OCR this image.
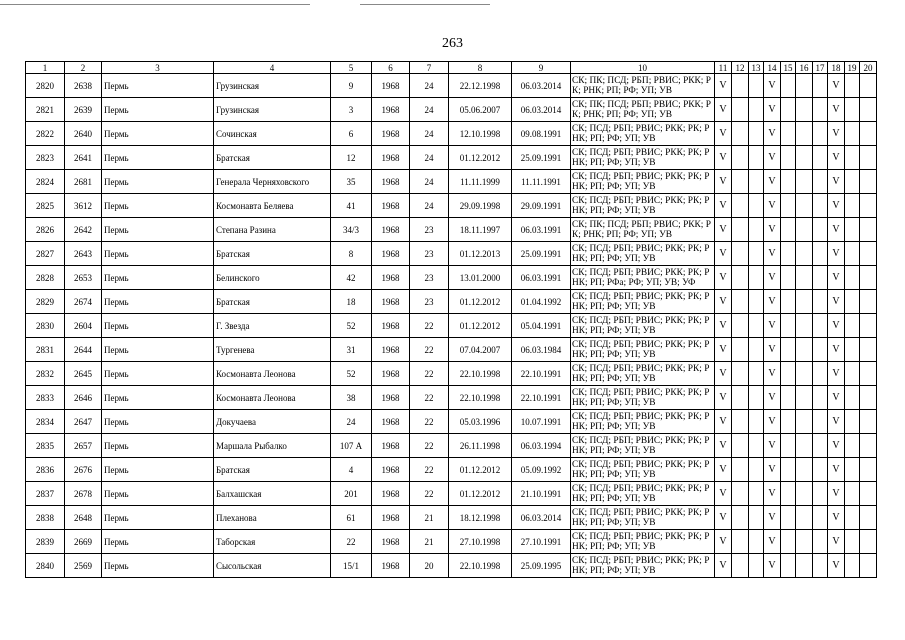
263
1	2	3	4	5	6	7	8	9	10	11	12	13	14	15	16	17	18	19	20
2820	2638	Пермь	Грузинская	9	1968	24	22.12.1998	06.03.2014	СК; ПК; ПСД; РБП; РВИС; РКК; РК; РНК; РП; РФ; УП; УВ	V			V				V		
2821	2639	Пермь	Грузинская	3	1968	24	05.06.2007	06.03.2014	СК; ПК; ПСД; РБП; РВИС; РКК; РК; РНК; РП; РФ; УП; УВ	V			V				V		
2822	2640	Пермь	Сочинская	6	1968	24	12.10.1998	09.08.1991	СК; ПСД; РБП; РВИС; РКК; РК; РНК; РП; РФ; УП; УВ	V			V				V		
2823	2641	Пермь	Братская	12	1968	24	01.12.2012	25.09.1991	СК; ПСД; РБП; РВИС; РКК; РК; РНК; РП; РФ; УП; УВ	V			V				V		
2824	2681	Пермь	Генерала Черняховского	35	1968	24	11.11.1999	11.11.1991	СК; ПСД; РБП; РВИС; РКК; РК; РНК; РП; РФ; УП; УВ	V			V				V		
2825	3612	Пермь	Космонавта Беляева	41	1968	24	29.09.1998	29.09.1991	СК; ПСД; РБП; РВИС; РКК; РК; РНК; РП; РФ; УП; УВ	V			V				V		
2826	2642	Пермь	Степана Разина	34/3	1968	23	18.11.1997	06.03.1991	СК; ПК; ПСД; РБП; РВИС; РКК; РК; РНК; РП; РФ; УП; УВ	V			V				V		
2827	2643	Пермь	Братская	8	1968	23	01.12.2013	25.09.1991	СК; ПСД; РБП; РВИС; РКК; РК; РНК; РП; РФ; УП; УВ	V			V				V		
2828	2653	Пермь	Белинского	42	1968	23	13.01.2000	06.03.1991	СК; ПСД; РБП; РВИС; РКК; РК; РНК; РП; РФа; РФ; УП; УВ; УФ	V			V				V		
2829	2674	Пермь	Братская	18	1968	23	01.12.2012	01.04.1992	СК; ПСД; РБП; РВИС; РКК; РК; РНК; РП; РФ; УП; УВ	V			V				V		
2830	2604	Пермь	Г. Звезда	52	1968	22	01.12.2012	05.04.1991	СК; ПСД; РБП; РВИС; РКК; РК; РНК; РП; РФ; УП; УВ	V			V				V		
2831	2644	Пермь	Тургенева	31	1968	22	07.04.2007	06.03.1984	СК; ПСД; РБП; РВИС; РКК; РК; РНК; РП; РФ; УП; УВ	V			V				V		
2832	2645	Пермь	Космонавта Леонова	52	1968	22	22.10.1998	22.10.1991	СК; ПСД; РБП; РВИС; РКК; РК; РНК; РП; РФ; УП; УВ	V			V				V		
2833	2646	Пермь	Космонавта Леонова	38	1968	22	22.10.1998	22.10.1991	СК; ПСД; РБП; РВИС; РКК; РК; РНК; РП; РФ; УП; УВ	V			V				V		
2834	2647	Пермь	Докучаева	24	1968	22	05.03.1996	10.07.1991	СК; ПСД; РБП; РВИС; РКК; РК; РНК; РП; РФ; УП; УВ	V			V				V		
2835	2657	Пермь	Маршала Рыбалко	107 А	1968	22	26.11.1998	06.03.1994	СК; ПСД; РБП; РВИС; РКК; РК; РНК; РП; РФ; УП; УВ	V			V				V		
2836	2676	Пермь	Братская	4	1968	22	01.12.2012	05.09.1992	СК; ПСД; РБП; РВИС; РКК; РК; РНК; РП; РФ; УП; УВ	V			V				V		
2837	2678	Пермь	Балхашская	201	1968	22	01.12.2012	21.10.1991	СК; ПСД; РБП; РВИС; РКК; РК; РНК; РП; РФ; УП; УВ	V			V				V		
2838	2648	Пермь	Плеханова	61	1968	21	18.12.1998	06.03.2014	СК; ПСД; РБП; РВИС; РКК; РК; РНК; РП; РФ; УП; УВ	V			V				V		
2839	2669	Пермь	Таборская	22	1968	21	27.10.1998	27.10.1991	СК; ПСД; РБП; РВИС; РКК; РК; РНК; РП; РФ; УП; УВ	V			V				V		
2840	2569	Пермь	Сысольская	15/1	1968	20	22.10.1998	25.09.1995	СК; ПСД; РБП; РВИС; РКК; РК; РНК; РП; РФ; УП; УВ	V			V				V		
